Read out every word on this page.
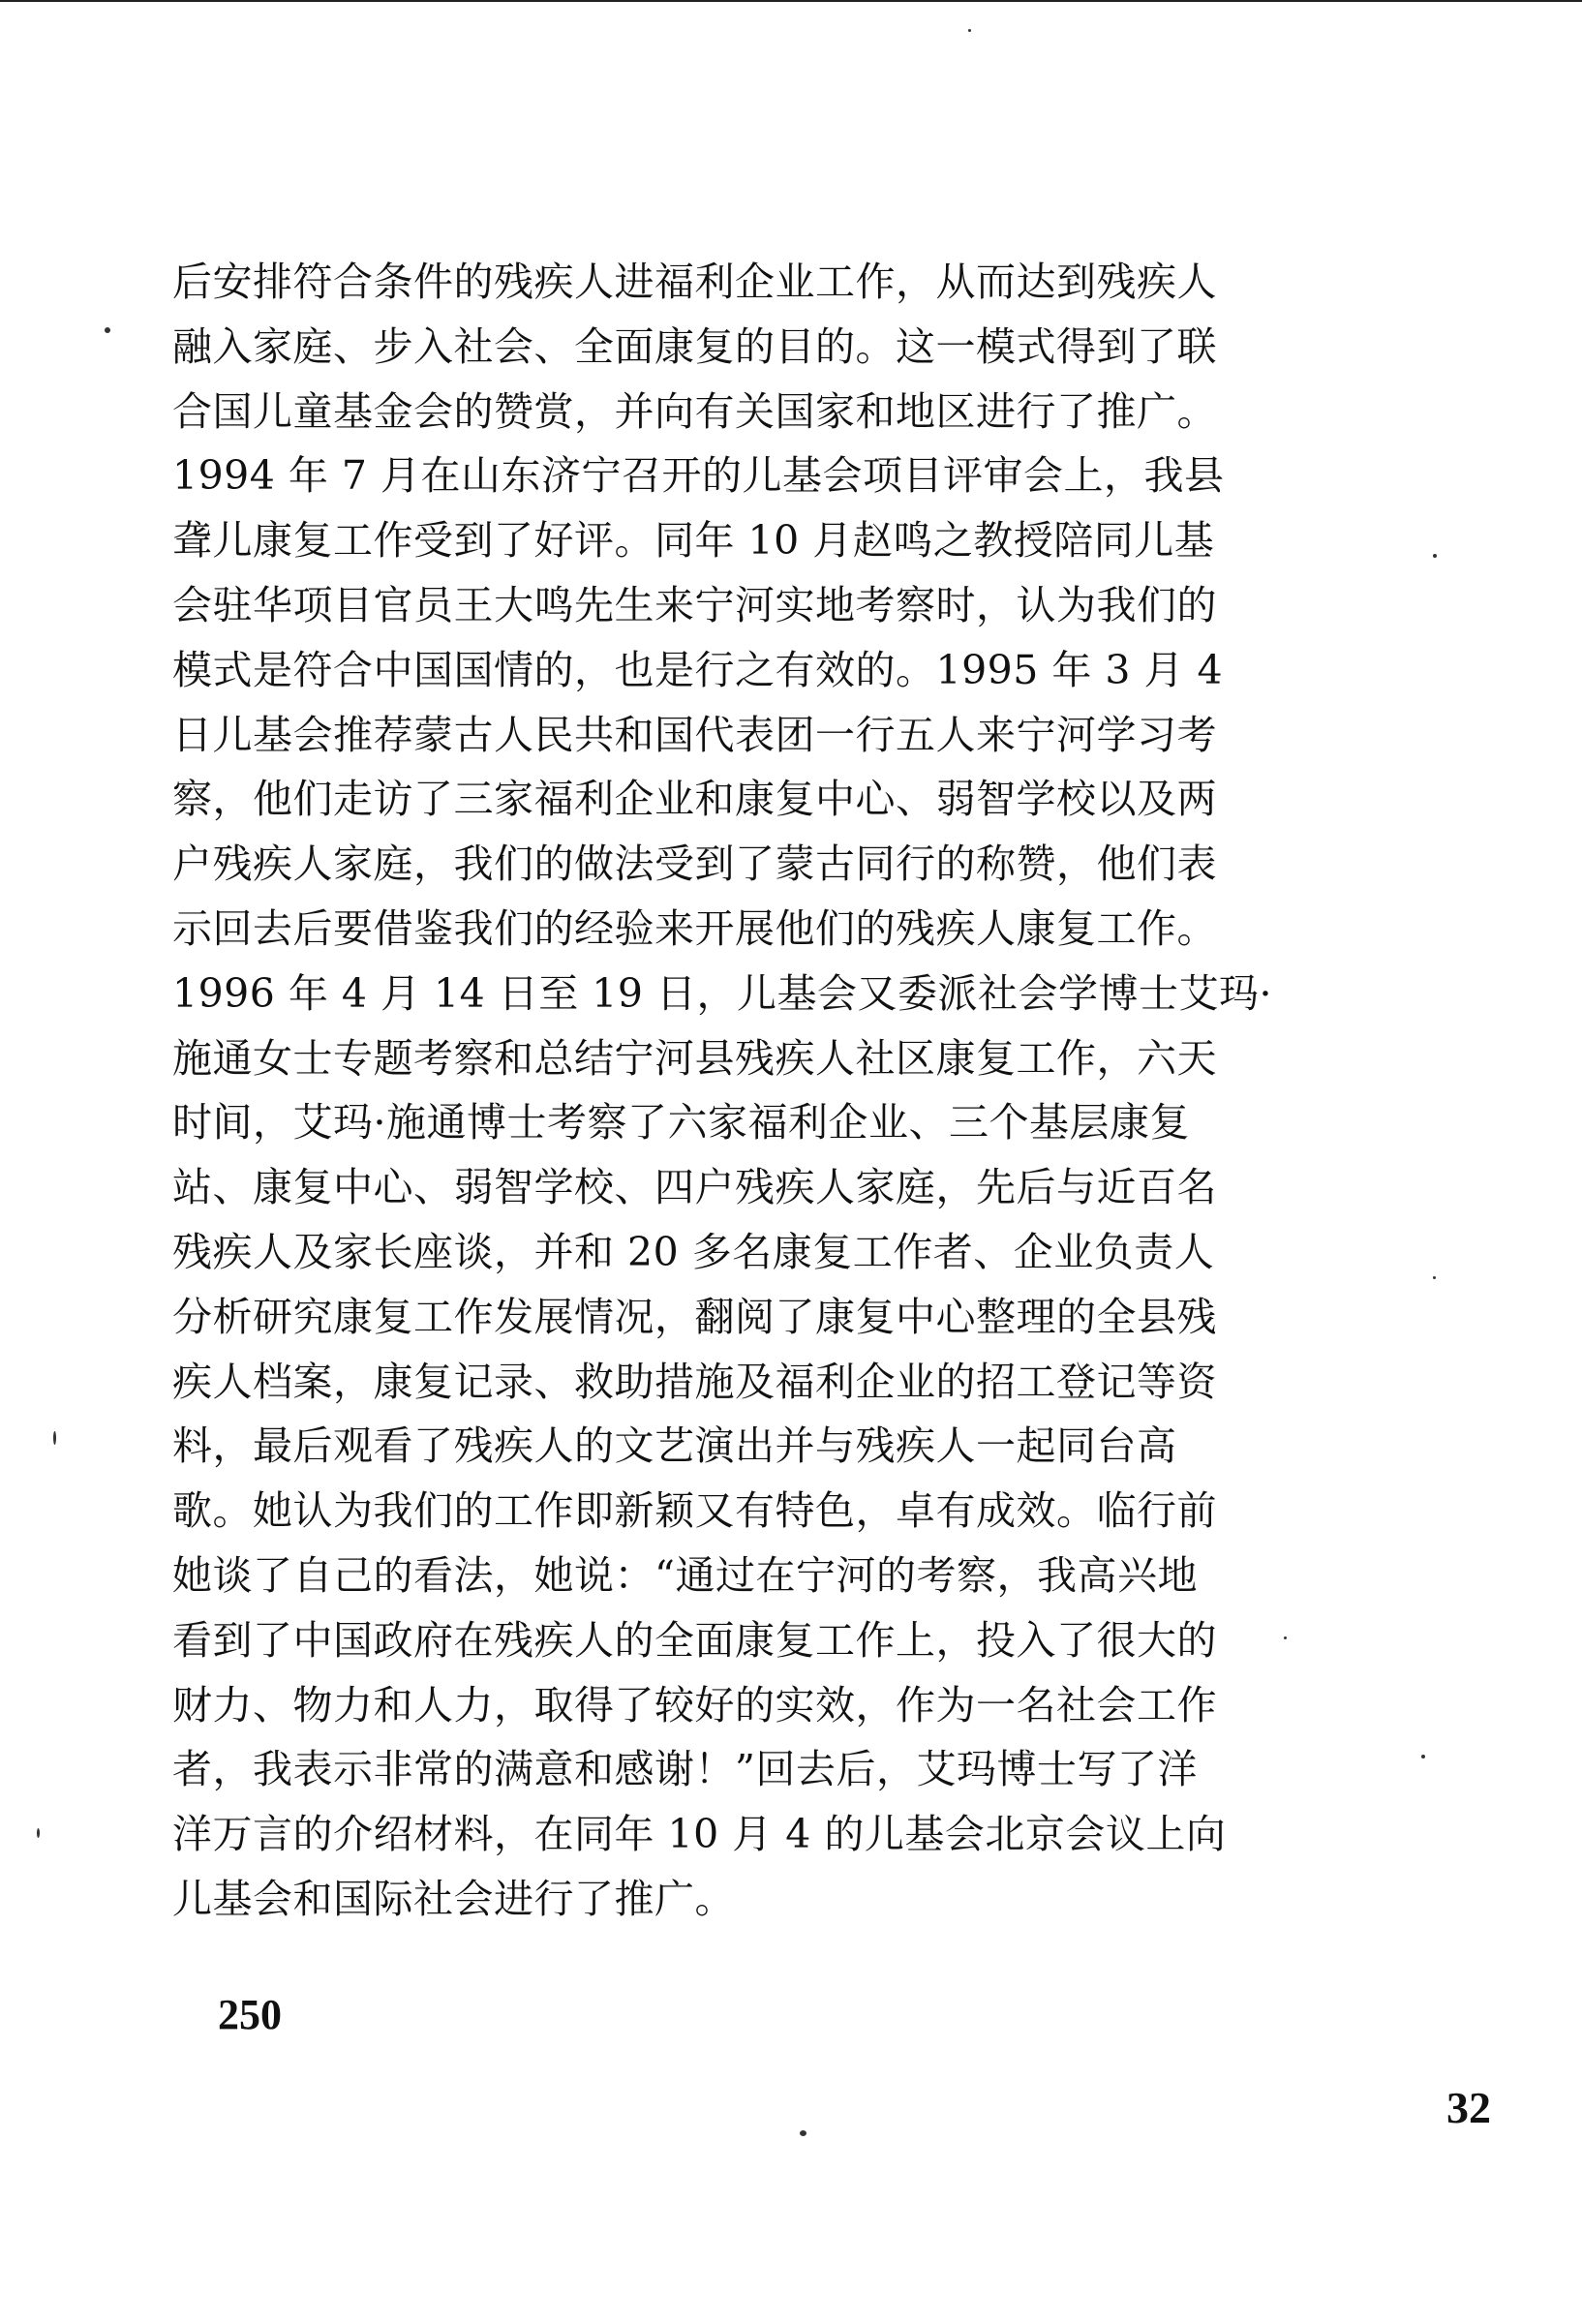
后安排符合条件的残疾人进福利企业工作，从而达到残疾人
融入家庭、步入社会、全面康复的目的。这一模式得到了联
合国儿童基金会的赞赏，并向有关国家和地区进行了推广。
1994 年 7 月在山东济宁召开的儿基会项目评审会上，我县
聋儿康复工作受到了好评。同年 10 月赵鸣之教授陪同儿基
会驻华项目官员王大鸣先生来宁河实地考察时，认为我们的
模式是符合中国国情的，也是行之有效的。1995 年 3 月 4
日儿基会推荐蒙古人民共和国代表团一行五人来宁河学习考
察，他们走访了三家福利企业和康复中心、弱智学校以及两
户残疾人家庭，我们的做法受到了蒙古同行的称赞，他们表
示回去后要借鉴我们的经验来开展他们的残疾人康复工作。
1996 年 4 月 14 日至 19 日，儿基会又委派社会学博士艾玛·
施通女士专题考察和总结宁河县残疾人社区康复工作，六天
时间，艾玛·施通博士考察了六家福利企业、三个基层康复
站、康复中心、弱智学校、四户残疾人家庭，先后与近百名
残疾人及家长座谈，并和 20 多名康复工作者、企业负责人
分析研究康复工作发展情况，翻阅了康复中心整理的全县残
疾人档案，康复记录、救助措施及福利企业的招工登记等资
料，最后观看了残疾人的文艺演出并与残疾人一起同台高
歌。她认为我们的工作即新颖又有特色，卓有成效。临行前
她谈了自己的看法，她说：“通过在宁河的考察，我高兴地
看到了中国政府在残疾人的全面康复工作上，投入了很大的
财力、物力和人力，取得了较好的实效，作为一名社会工作
者，我表示非常的满意和感谢！”回去后，艾玛博士写了洋
洋万言的介绍材料，在同年 10 月 4 的儿基会北京会议上向
儿基会和国际社会进行了推广。
250
32
